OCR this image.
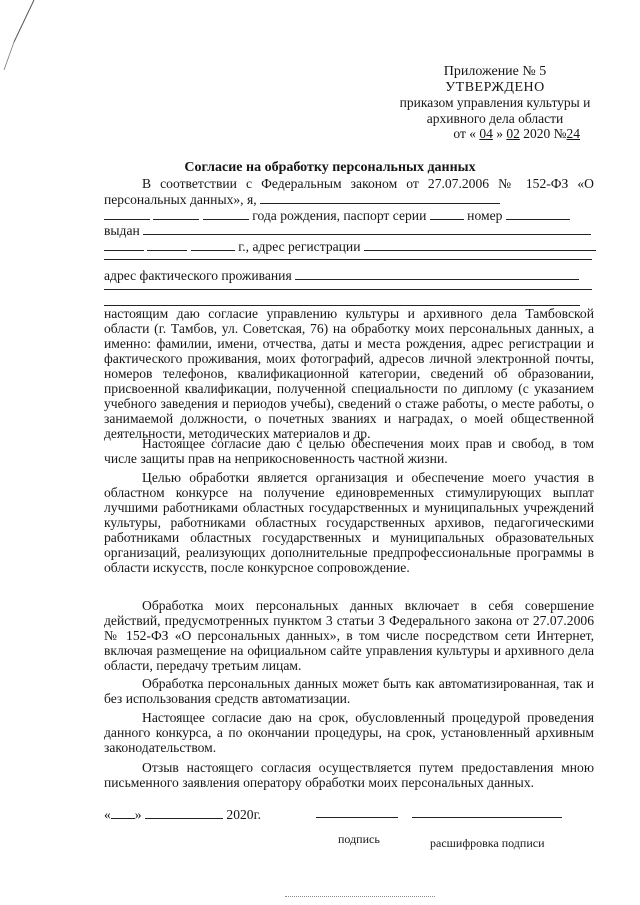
Приложение № 5
УТВЕРЖДЕНО
приказом управления культуры и
архивного дела области
от « 04 » 02 2020 №24
Согласие на обработку персональных данных
В соответствии с Федеральным законом от 27.07.2006 № 152-ФЗ «О персональных данных», я,
года рождения, паспорт серии	номер
выдан
г., адрес регистрации
адрес фактического проживания
настоящим даю согласие управлению культуры и архивного дела Тамбовской области (г. Тамбов, ул. Советская, 76) на обработку моих персональных данных, а именно: фамилии, имени, отчества, даты и места рождения, адрес регистрации и фактического проживания, моих фотографий, адресов личной электронной почты, номеров телефонов, квалификационной категории, сведений об образовании, присвоенной квалификации, полученной специальности по диплому (с указанием учебного заведения и периодов учебы), сведений о стаже работы, о месте работы, о занимаемой должности, о почетных званиях и наградах, о моей общественной деятельности, методических материалов и др.
Настоящее согласие даю с целью обеспечения моих прав и свобод, в том числе защиты прав на неприкосновенность частной жизни.
Целью обработки является организация и обеспечение моего участия в областном конкурсе на получение единовременных стимулирующих выплат лучшими работниками областных государственных и муниципальных учреждений культуры, работниками областных государственных архивов, педагогическими работниками областных государственных и муниципальных образовательных организаций, реализующих дополнительные предпрофессиональные программы в области искусств, после конкурсное сопровождение.
Обработка моих персональных данных включает в себя совершение действий, предусмотренных пунктом 3 статьи 3 Федерального закона от 27.07.2006 № 152-ФЗ «О персональных данных», в том числе посредством сети Интернет, включая размещение на официальном сайте управления культуры и архивного дела области, передачу третьим лицам.
Обработка персональных данных может быть как автоматизированная, так и без использования средств автоматизации.
Настоящее согласие даю на срок, обусловленный процедурой проведения данного конкурса, а по окончании процедуры, на срок, установленный архивным законодательством.
Отзыв настоящего согласия осуществляется путем предоставления мною письменного заявления оператору обработки моих персональных данных.
« »	2020г.
подпись	расшифровка подписи
